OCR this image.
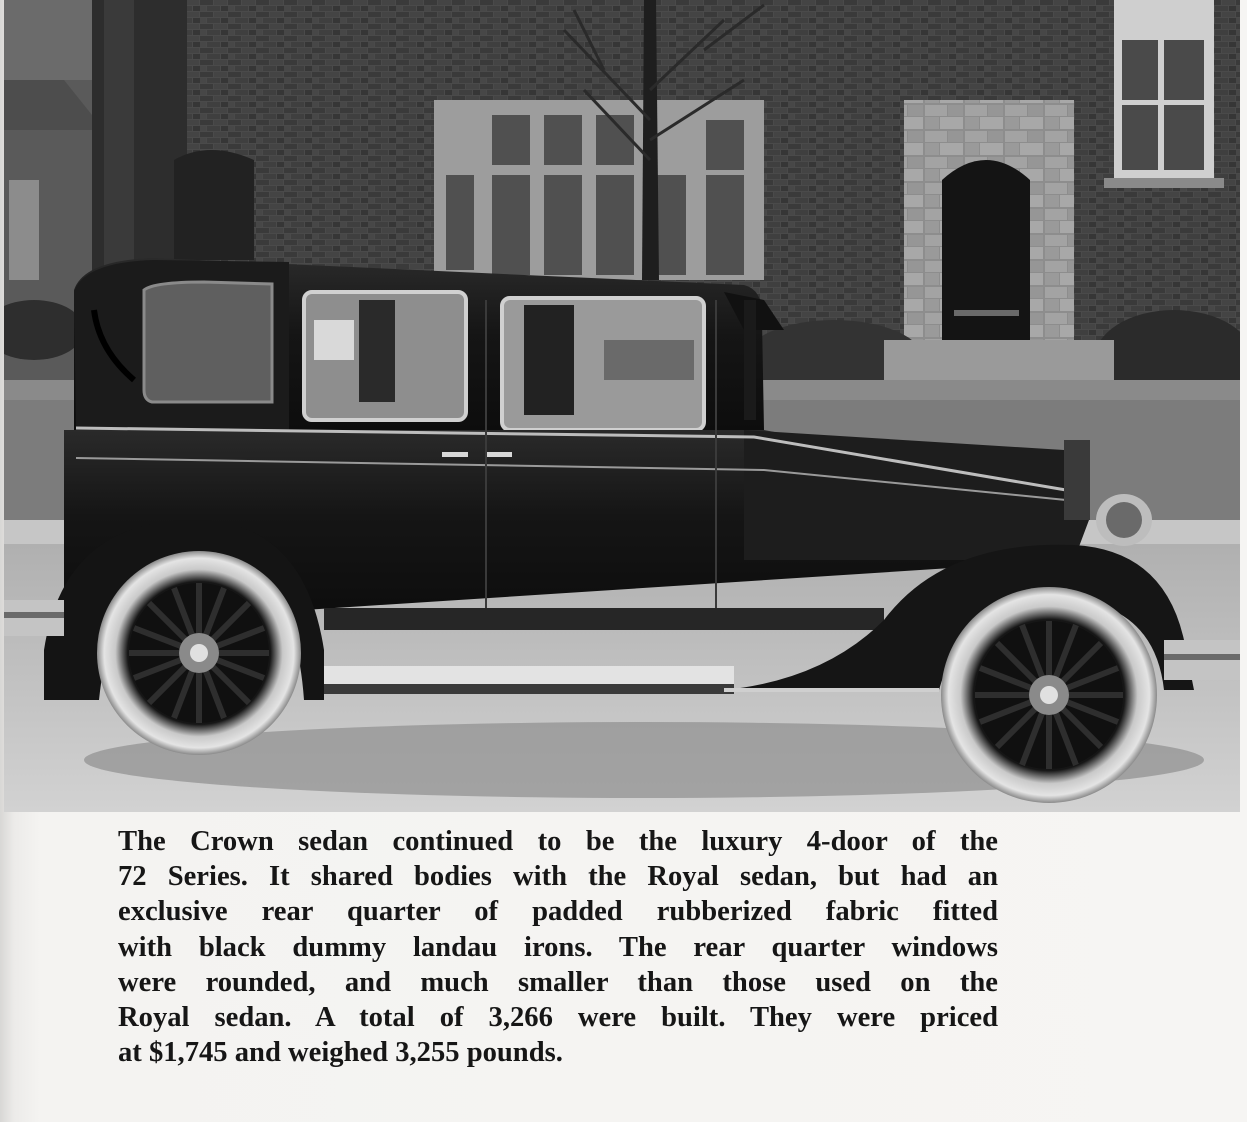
The Crown sedan continued to be the luxury 4-door of the
72 Series. It shared bodies with the Royal sedan, but had an
exclusive rear quarter of padded rubberized fabric fitted
with black dummy landau irons. The rear quarter windows
were rounded, and much smaller than those used on the
Royal sedan. A total of 3,266 were built. They were priced
at $1,745 and weighed 3,255 pounds.
